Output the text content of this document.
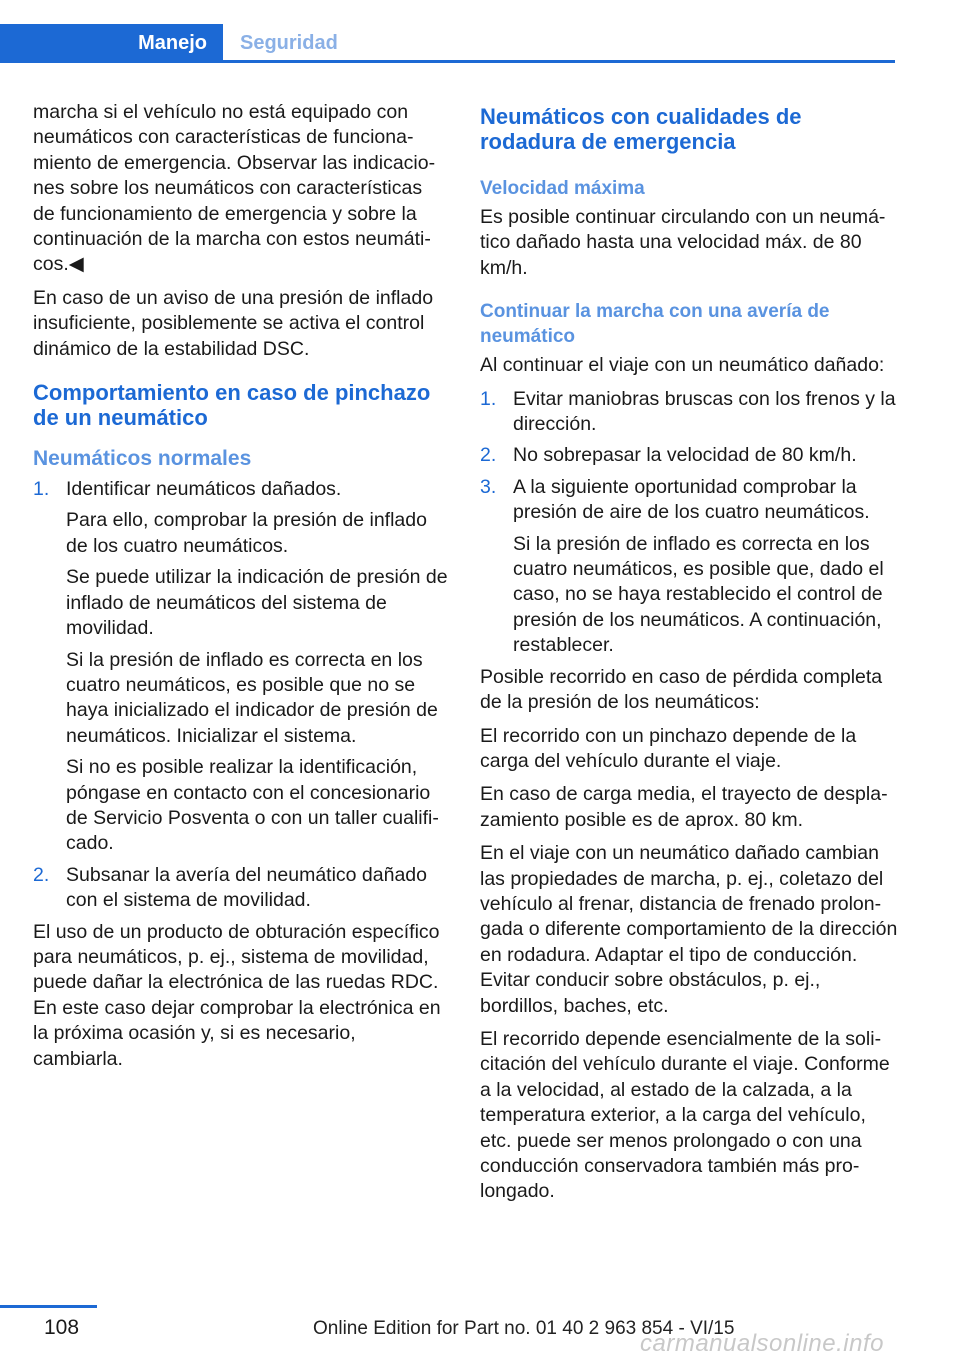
Manejo	Seguridad

marcha si el vehículo no está equipado con neumáticos con características de funcionamiento de emergencia. Observar las indicaciones sobre los neumáticos con características de funcionamiento de emergencia y sobre la continuación de la marcha con estos neumáticos.◀

En caso de un aviso de una presión de inflado insuficiente, posiblemente se activa el control dinámico de la estabilidad DSC.

Comportamiento en caso de pinchazo de un neumático
Neumáticos normales
1. Identificar neumáticos dañados.

Para ello, comprobar la presión de inflado de los cuatro neumáticos.

Se puede utilizar la indicación de presión de inflado de neumáticos del sistema de movilidad.

Si la presión de inflado es correcta en los cuatro neumáticos, es posible que no se haya inicializado el indicador de presión de neumáticos. Inicializar el sistema.

Si no es posible realizar la identificación, póngase en contacto con el concesionario de Servicio Posventa o con un taller cualificado.

2. Subsanar la avería del neumático dañado con el sistema de movilidad.

El uso de un producto de obturación específico para neumáticos, p. ej., sistema de movilidad, puede dañar la electrónica de las ruedas RDC. En este caso dejar comprobar la electrónica en la próxima ocasión y, si es necesario, cambiarla.

Neumáticos con cualidades de rodadura de emergencia
Velocidad máxima

Es posible continuar circulando con un neumático dañado hasta una velocidad máx. de 80 km/h.

Continuar la marcha con una avería de neumático

Al continuar el viaje con un neumático dañado:

1. Evitar maniobras bruscas con los frenos y la dirección.

2. No sobrepasar la velocidad de 80 km/h.

3. A la siguiente oportunidad comprobar la presión de aire de los cuatro neumáticos.

Si la presión de inflado es correcta en los cuatro neumáticos, es posible que, dado el caso, no se haya restablecido el control de presión de los neumáticos. A continuación, restablecer.

Posible recorrido en caso de pérdida completa de la presión de los neumáticos:

El recorrido con un pinchazo depende de la carga del vehículo durante el viaje.

En caso de carga media, el trayecto de desplazamiento posible es de aprox. 80 km.

En el viaje con un neumático dañado cambian las propiedades de marcha, p. ej., coletazo del vehículo al frenar, distancia de frenado prolongada o diferente comportamiento de la dirección en rodadura. Adaptar el tipo de conducción. Evitar conducir sobre obstáculos, p. ej., bordillos, baches, etc.

El recorrido depende esencialmente de la solicitación del vehículo durante el viaje. Conforme a la velocidad, al estado de la calzada, a la temperatura exterior, a la carga del vehículo, etc. puede ser menos prolongado o con una conducción conservadora también más prolongado.

108	Online Edition for Part no. 01 40 2 963 854 - VI/15
carmanualsonline.info
